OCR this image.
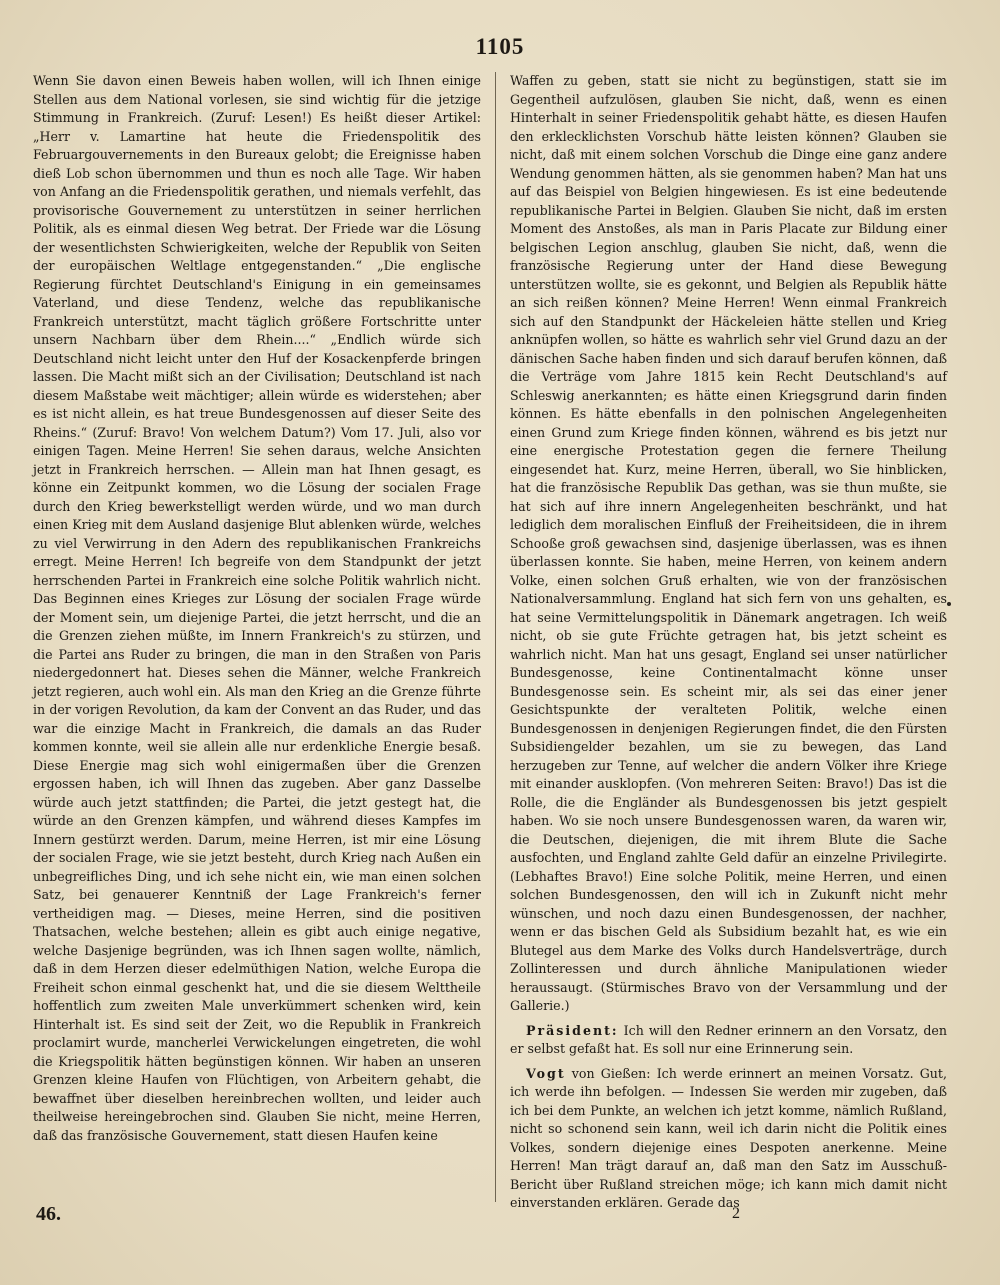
1105

Wenn Sie davon einen Beweis haben wollen, will ich Ihnen einige Stellen aus dem National vorlesen, sie sind wichtig für die jetzige Stimmung in Frankreich. (Zuruf: Lesen!) Es heißt dieser Artikel: „Herr v. Lamartine hat heute die Friedenspolitik des Februargouvernements in den Bureaux gelobt; die Ereignisse haben dieß Lob schon übernommen und thun es noch alle Tage. Wir haben von Anfang an die Friedenspolitik gerathen, und niemals verfehlt, das provisorische Gouvernement zu unterstützen in seiner herrlichen Politik, als es einmal diesen Weg betrat. Der Friede war die Lösung der wesentlichsten Schwierigkeiten, welche der Republik von Seiten der europäischen Weltlage entgegenstanden.“ „Die englische Regierung fürchtet Deutschland's Einigung in ein gemeinsames Vaterland, und diese Tendenz, welche das republikanische Frankreich unterstützt, macht täglich größere Fortschritte unter unsern Nachbarn über dem Rhein....“ „Endlich würde sich Deutschland nicht leicht unter den Huf der Kosackenpferde bringen lassen. Die Macht mißt sich an der Civilisation; Deutschland ist nach diesem Maßstabe weit mächtiger; allein würde es widerstehen; aber es ist nicht allein, es hat treue Bundesgenossen auf dieser Seite des Rheins.“ (Zuruf: Bravo! Von welchem Datum?) Vom 17. Juli, also vor einigen Tagen. Meine Herren! Sie sehen daraus, welche Ansichten jetzt in Frankreich herrschen. — Allein man hat Ihnen gesagt, es könne ein Zeitpunkt kommen, wo die Lösung der socialen Frage durch den Krieg bewerkstelligt werden würde, und wo man durch einen Krieg mit dem Ausland dasjenige Blut ablenken würde, welches zu viel Verwirrung in den Adern des republikanischen Frankreichs erregt. Meine Herren! Ich begreife von dem Standpunkt der jetzt herrschenden Partei in Frankreich eine solche Politik wahrlich nicht. Das Beginnen eines Krieges zur Lösung der socialen Frage würde der Moment sein, um diejenige Partei, die jetzt herrscht, und die an die Grenzen ziehen müßte, im Innern Frankreich's zu stürzen, und die Partei ans Ruder zu bringen, die man in den Straßen von Paris niedergedonnert hat. Dieses sehen die Männer, welche Frankreich jetzt regieren, auch wohl ein. Als man den Krieg an die Grenze führte in der vorigen Revolution, da kam der Convent an das Ruder, und das war die einzige Macht in Frankreich, die damals an das Ruder kommen konnte, weil sie allein alle nur erdenkliche Energie besaß. Diese Energie mag sich wohl einigermaßen über die Grenzen ergossen haben, ich will Ihnen das zugeben. Aber ganz Dasselbe würde auch jetzt stattfinden; die Partei, die jetzt gestegt hat, die würde an den Grenzen kämpfen, und während dieses Kampfes im Innern gestürzt werden. Darum, meine Herren, ist mir eine Lösung der socialen Frage, wie sie jetzt besteht, durch Krieg nach Außen ein unbegreifliches Ding, und ich sehe nicht ein, wie man einen solchen Satz, bei genauerer Kenntniß der Lage Frankreich's ferner vertheidigen mag. — Dieses, meine Herren, sind die positiven Thatsachen, welche bestehen; allein es gibt auch einige negative, welche Dasjenige begründen, was ich Ihnen sagen wollte, nämlich, daß in dem Herzen dieser edelmüthigen Nation, welche Europa die Freiheit schon einmal geschenkt hat, und die sie diesem Welttheile hoffentlich zum zweiten Male unverkümmert schenken wird, kein Hinterhalt ist. Es sind seit der Zeit, wo die Republik in Frankreich proclamirt wurde, mancherlei Verwickelungen eingetreten, die wohl die Kriegspolitik hätten begünstigen können. Wir haben an unseren Grenzen kleine Haufen von Flüchtigen, von Arbeitern gehabt, die bewaffnet über dieselben hereinbrechen wollten, und leider auch theilweise hereingebrochen sind. Glauben Sie nicht, meine Herren, daß das französische Gouvernement, statt diesen Haufen keine

Waffen zu geben, statt sie nicht zu begünstigen, statt sie im Gegentheil aufzulösen, glauben Sie nicht, daß, wenn es einen Hinterhalt in seiner Friedenspolitik gehabt hätte, es diesen Haufen den erklecklichsten Vorschub hätte leisten können? Glauben sie nicht, daß mit einem solchen Vorschub die Dinge eine ganz andere Wendung genommen hätten, als sie genommen haben? Man hat uns auf das Beispiel von Belgien hingewiesen. Es ist eine bedeutende republikanische Partei in Belgien. Glauben Sie nicht, daß im ersten Moment des Anstoßes, als man in Paris Placate zur Bildung einer belgischen Legion anschlug, glauben Sie nicht, daß, wenn die französische Regierung unter der Hand diese Bewegung unterstützen wollte, sie es gekonnt, und Belgien als Republik hätte an sich reißen können? Meine Herren! Wenn einmal Frankreich sich auf den Standpunkt der Häckeleien hätte stellen und Krieg anknüpfen wollen, so hätte es wahrlich sehr viel Grund dazu an der dänischen Sache haben finden und sich darauf berufen können, daß die Verträge vom Jahre 1815 kein Recht Deutschland's auf Schleswig anerkannten; es hätte einen Kriegsgrund darin finden können. Es hätte ebenfalls in den polnischen Angelegenheiten einen Grund zum Kriege finden können, während es bis jetzt nur eine energische Protestation gegen die fernere Theilung eingesendet hat. Kurz, meine Herren, überall, wo Sie hinblicken, hat die französische Republik Das gethan, was sie thun mußte, sie hat sich auf ihre innern Angelegenheiten beschränkt, und hat lediglich dem moralischen Einfluß der Freiheitsideen, die in ihrem Schooße groß gewachsen sind, dasjenige überlassen, was es ihnen überlassen konnte. Sie haben, meine Herren, von keinem andern Volke, einen solchen Gruß erhalten, wie von der französischen Nationalversammlung. England hat sich fern von uns gehalten, es hat seine Vermittelungspolitik in Dänemark angetragen. Ich weiß nicht, ob sie gute Früchte getragen hat, bis jetzt scheint es wahrlich nicht. Man hat uns gesagt, England sei unser natürlicher Bundesgenosse, keine Continentalmacht könne unser Bundesgenosse sein. Es scheint mir, als sei das einer jener Gesichtspunkte der veralteten Politik, welche einen Bundesgenossen in denjenigen Regierungen findet, die den Fürsten Subsidiengelder bezahlen, um sie zu bewegen, das Land herzugeben zur Tenne, auf welcher die andern Völker ihre Kriege mit einander ausklopfen. (Von mehreren Seiten: Bravo!) Das ist die Rolle, die die Engländer als Bundesgenossen bis jetzt gespielt haben. Wo sie noch unsere Bundesgenossen waren, da waren wir, die Deutschen, diejenigen, die mit ihrem Blute die Sache ausfochten, und England zahlte Geld dafür an einzelne Privilegirte. (Lebhaftes Bravo!) Eine solche Politik, meine Herren, und einen solchen Bundesgenossen, den will ich in Zukunft nicht mehr wünschen, und noch dazu einen Bundesgenossen, der nachher, wenn er das bischen Geld als Subsidium bezahlt hat, es wie ein Blutegel aus dem Marke des Volks durch Handelsverträge, durch Zollinteressen und durch ähnliche Manipulationen wieder heraussaugt. (Stürmisches Bravo von der Versammlung und der Gallerie.)

Präsident: Ich will den Redner erinnern an den Vorsatz, den er selbst gefaßt hat. Es soll nur eine Erinnerung sein.

Vogt von Gießen: Ich werde erinnert an meinen Vorsatz. Gut, ich werde ihn befolgen. — Indessen Sie werden mir zugeben, daß ich bei dem Punkte, an welchen ich jetzt komme, nämlich Rußland, nicht so schonend sein kann, weil ich darin nicht die Politik eines Volkes, sondern diejenige eines Despoten anerkenne. Meine Herren! Man trägt darauf an, daß man den Satz im Ausschuß-Bericht über Rußland streichen möge; ich kann mich damit nicht einverstanden erklären. Gerade das

46.	2
